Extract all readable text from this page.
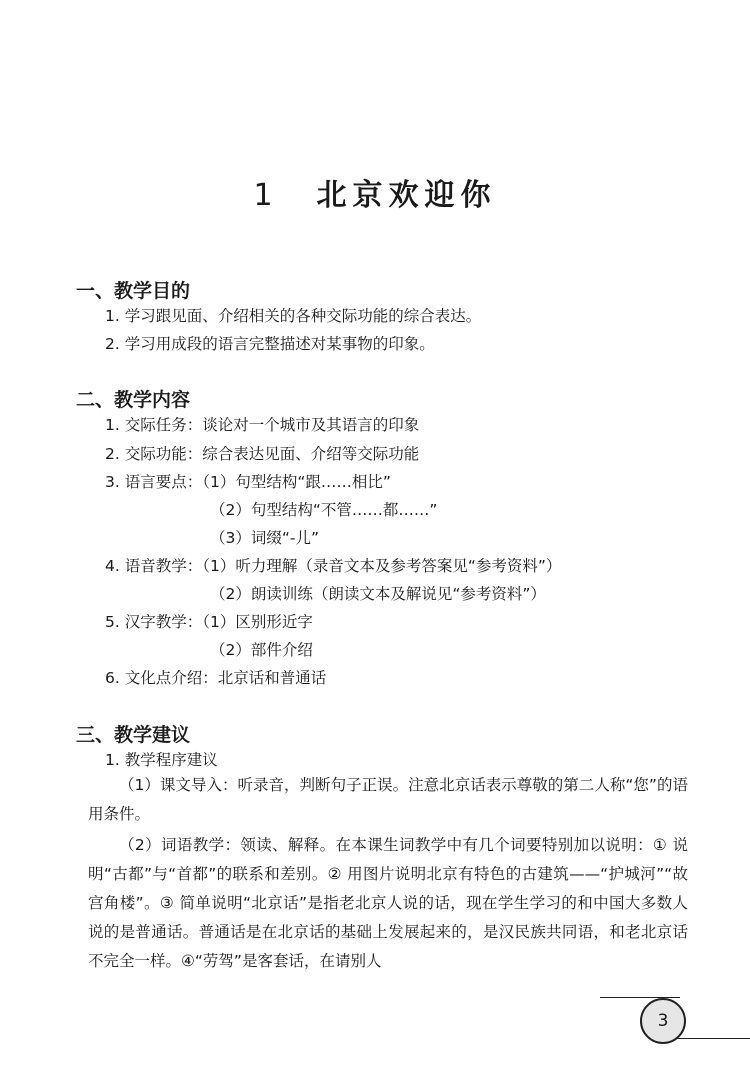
1 北京欢迎你
一、教学目的
1. 学习跟见面、介绍相关的各种交际功能的综合表达。
2. 学习用成段的语言完整描述对某事物的印象。
二、教学内容
1. 交际任务：谈论对一个城市及其语言的印象
2. 交际功能：综合表达见面、介绍等交际功能
3. 语言要点：（1）句型结构“跟……相比”
（2）句型结构“不管……都……”
（3）词缀“-儿”
4. 语音教学：（1）听力理解（录音文本及参考答案见“参考资料”）
（2）朗读训练（朗读文本及解说见“参考资料”）
5. 汉字教学：（1）区别形近字
（2）部件介绍
6. 文化点介绍：北京话和普通话
三、教学建议
1. 教学程序建议

（1）课文导入：听录音，判断句子正误。注意北京话表示尊敬的第二人称“您”的语用条件。

（2）词语教学：领读、解释。在本课生词教学中有几个词要特别加以说明：① 说明“古都”与“首都”的联系和差别。② 用图片说明北京有特色的古建筑——“护城河”“故宫角楼”。③ 简单说明“北京话”是指老北京人说的话，现在学生学习的和中国大多数人说的是普通话。普通话是在北京话的基础上发展起来的，是汉民族共同语，和老北京话不完全一样。④“劳驾”是客套话，在请别人

3
